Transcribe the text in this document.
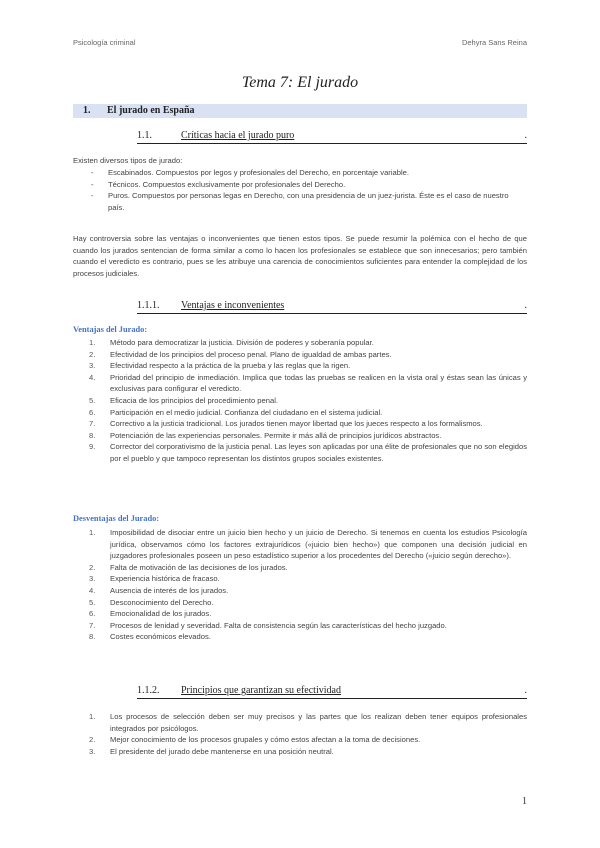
Psicología criminal	Dehyra Sans Reina
Tema 7: El jurado
1. El jurado en España
1.1.	Críticas hacia el jurado puro	.

Existen diversos tipos de jurado:

- Escabinados. Compuestos por legos y profesionales del Derecho, en porcentaje variable.
- Técnicos. Compuestos exclusivamente por profesionales del Derecho.
- Puros. Compuestos por personas legas en Derecho, con una presidencia de un juez-jurista. Éste es el caso de nuestro país.

Hay controversia sobre las ventajas o inconvenientes que tienen estos tipos. Se puede resumir la polémica con el hecho de que cuando los jurados sentencian de forma similar a como lo hacen los profesionales se establece que son innecesarios; pero también cuando el veredicto es contrario, pues se les atribuye una carencia de conocimientos suficientes para entender la complejidad de los procesos judiciales.

1.1.1. Ventajas e inconvenientes	.
Ventajas del Jurado:
1. Método para democratizar la justicia. División de poderes y soberanía popular.
2. Efectividad de los principios del proceso penal. Plano de igualdad de ambas partes.
3. Efectividad respecto a la práctica de la prueba y las reglas que la rigen.
4. Prioridad del principio de inmediación. Implica que todas las pruebas se realicen en la vista oral y éstas sean las únicas y exclusivas para configurar el veredicto.
5. Eficacia de los principios del procedimiento penal.
6. Participación en el medio judicial. Confianza del ciudadano en el sistema judicial.
7. Correctivo a la justicia tradicional. Los jurados tienen mayor libertad que los jueces respecto a los formalismos.
8. Potenciación de las experiencias personales. Permite ir más allá de principios jurídicos abstractos.
9. Corrector del corporativismo de la justicia penal. Las leyes son aplicadas por una élite de profesionales que no son elegidos por el pueblo y que tampoco representan los distintos grupos sociales existentes.
Desventajas del Jurado:
1. Imposibilidad de disociar entre un juicio bien hecho y un juicio de Derecho. Si tenemos en cuenta los estudios Psicología jurídica, observamos cómo los factores extrajurídicos («juicio bien hecho») que componen una decisión judicial en juzgadores profesionales poseen un peso estadístico superior a los procedentes del Derecho («juicio según derecho»).
2. Falta de motivación de las decisiones de los jurados.
3. Experiencia histórica de fracaso.
4. Ausencia de interés de los jurados.
5. Desconocimiento del Derecho.
6. Emocionalidad de los jurados.
7. Procesos de lenidad y severidad. Falta de consistencia según las características del hecho juzgado.
8. Costes económicos elevados.
1.1.2. Principios que garantizan su efectividad	.
1. Los procesos de selección deben ser muy precisos y las partes que los realizan deben tener equipos profesionales integrados por psicólogos.
2. Mejor conocimiento de los procesos grupales y cómo estos afectan a la toma de decisiones.
3. El presidente del jurado debe mantenerse en una posición neutral.
1
